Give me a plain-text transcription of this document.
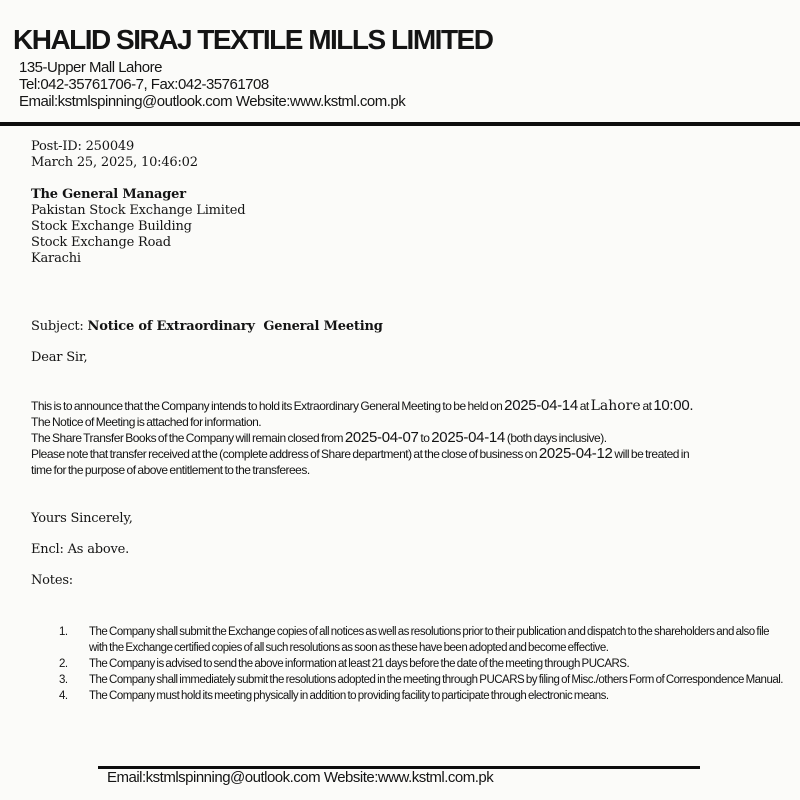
KHALID SIRAJ TEXTILE MILLS LIMITED
135-Upper Mall Lahore
Tel:042-35761706-7, Fax:042-35761708
Email:kstmlspinning@outlook.com Website:www.kstml.com.pk
Post-ID: 250049
March 25, 2025, 10:46:02
The General Manager
Pakistan Stock Exchange Limited
Stock Exchange Building
Stock Exchange Road
Karachi
Subject: Notice of Extraordinary  General Meeting
Dear Sir,
This is to announce that the Company intends to hold its Extraordinary General Meeting to be held on 2025-04-14 at Lahore at 10:00.
The Notice of Meeting is attached for information.
The Share Transfer Books of the Company will remain closed from 2025-04-07 to 2025-04-14 (both days inclusive).
Please note that transfer received at the (complete address of Share department) at the close of business on 2025-04-12 will be treated in
time for the purpose of above entitlement to the transferees.
Yours Sincerely,
Encl: As above.
Notes:
1.	The Company shall submit the Exchange copies of all notices as well as resolutions prior to their publication and dispatch to the shareholders and also file with the Exchange certified copies of all such resolutions as soon as these have been adopted and become effective.
2.	The Company is advised to send the above information at least 21 days before the date of the meeting through PUCARS.
3.	The Company shall immediately submit the resolutions adopted in the meeting through PUCARS by filing of Misc./others Form of Correspondence Manual.
4.	The Company must hold its meeting physically in addition to providing facility to participate through electronic means.
Email:kstmlspinning@outlook.com Website:www.kstml.com.pk
